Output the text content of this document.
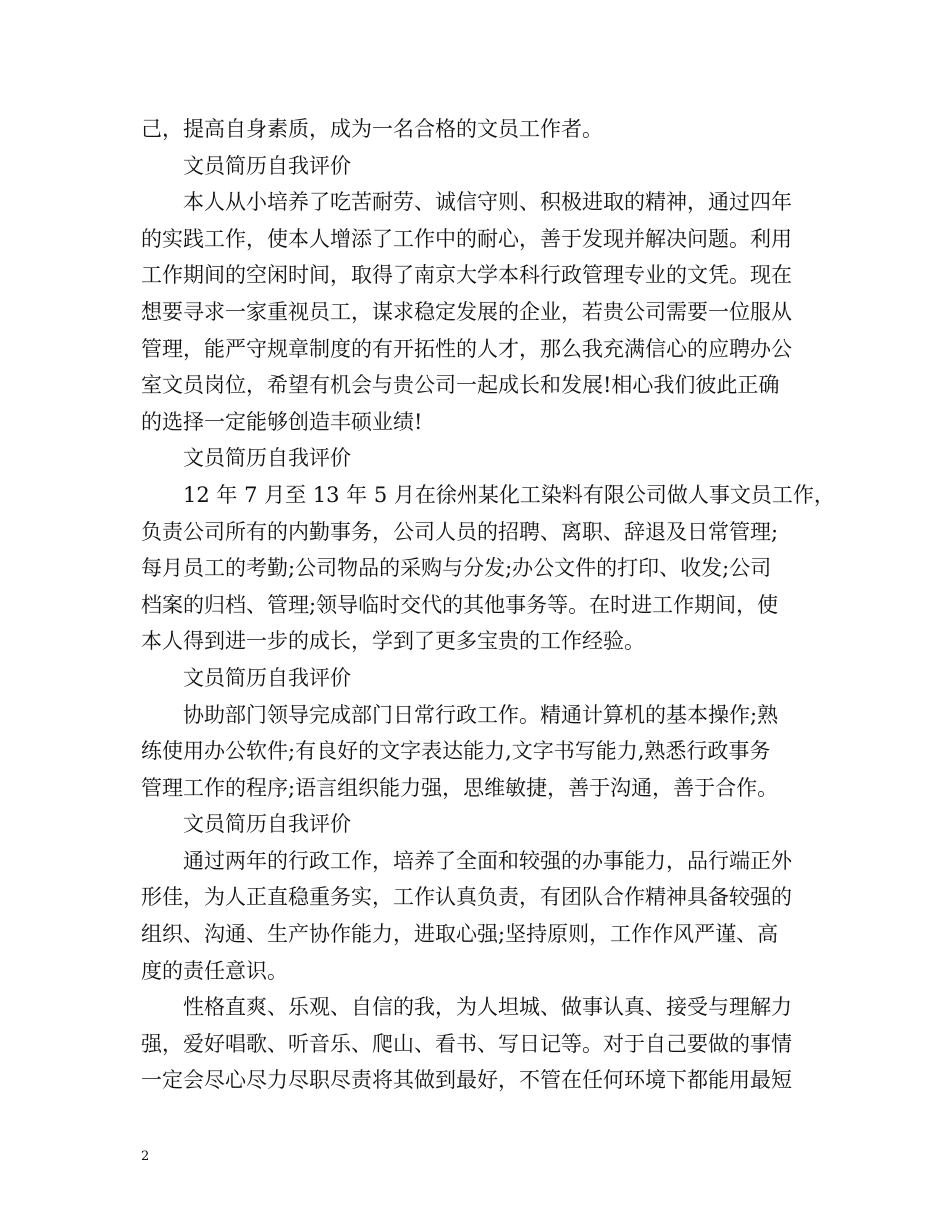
己，提高自身素质，成为一名合格的文员工作者。
文员简历自我评价
本人从小培养了吃苦耐劳、诚信守则、积极进取的精神，通过四年
的实践工作，使本人增添了工作中的耐心，善于发现并解决问题。利用
工作期间的空闲时间，取得了南京大学本科行政管理专业的文凭。现在
想要寻求一家重视员工，谋求稳定发展的企业，若贵公司需要一位服从
管理，能严守规章制度的有开拓性的人才，那么我充满信心的应聘办公
室文员岗位，希望有机会与贵公司一起成长和发展!相心我们彼此正确
的选择一定能够创造丰硕业绩!
文员简历自我评价
12 年 7 月至 13 年 5 月在徐州某化工染料有限公司做人事文员工作，
负责公司所有的内勤事务，公司人员的招聘、离职、辞退及日常管理;
每月员工的考勤;公司物品的采购与分发;办公文件的打印、收发;公司
档案的归档、管理;领导临时交代的其他事务等。在时进工作期间，使
本人得到进一步的成长，学到了更多宝贵的工作经验。
文员简历自我评价
协助部门领导完成部门日常行政工作。精通计算机的基本操作;熟
练使用办公软件;有良好的文字表达能力,文字书写能力,熟悉行政事务
管理工作的程序;语言组织能力强，思维敏捷，善于沟通，善于合作。
文员简历自我评价
通过两年的行政工作，培养了全面和较强的办事能力，品行端正外
形佳，为人正直稳重务实，工作认真负责，有团队合作精神具备较强的
组织、沟通、生产协作能力，进取心强;坚持原则，工作作风严谨、高
度的责任意识。
性格直爽、乐观、自信的我，为人坦城、做事认真、接受与理解力
强，爱好唱歌、听音乐、爬山、看书、写日记等。对于自己要做的事情
一定会尽心尽力尽职尽责将其做到最好，不管在任何环境下都能用最短
2
